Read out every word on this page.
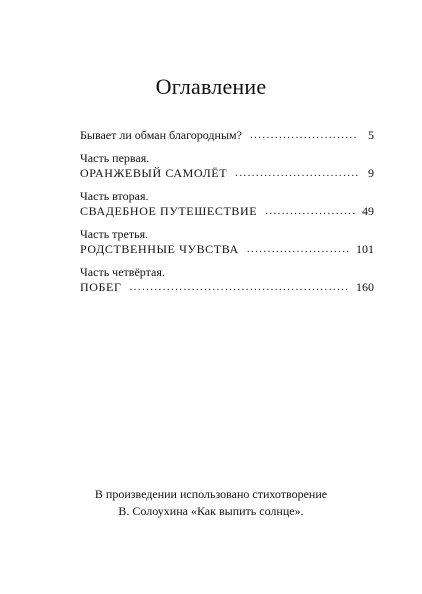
Оглавление
Бывает ли обман благородным? .....	5
Часть первая.
ОРАНЖЕВЫЙ САМОЛЁТ .....	9
Часть вторая.
СВАДЕБНОЕ ПУТЕШЕСТВИЕ .....	49
Часть третья.
РОДСТВЕННЫЕ ЧУВСТВА .....	101
Часть четвёртая.
ПОБЕГ .....	160
В произведении использовано стихотворение
В. Солоухина «Как выпить солнце».
